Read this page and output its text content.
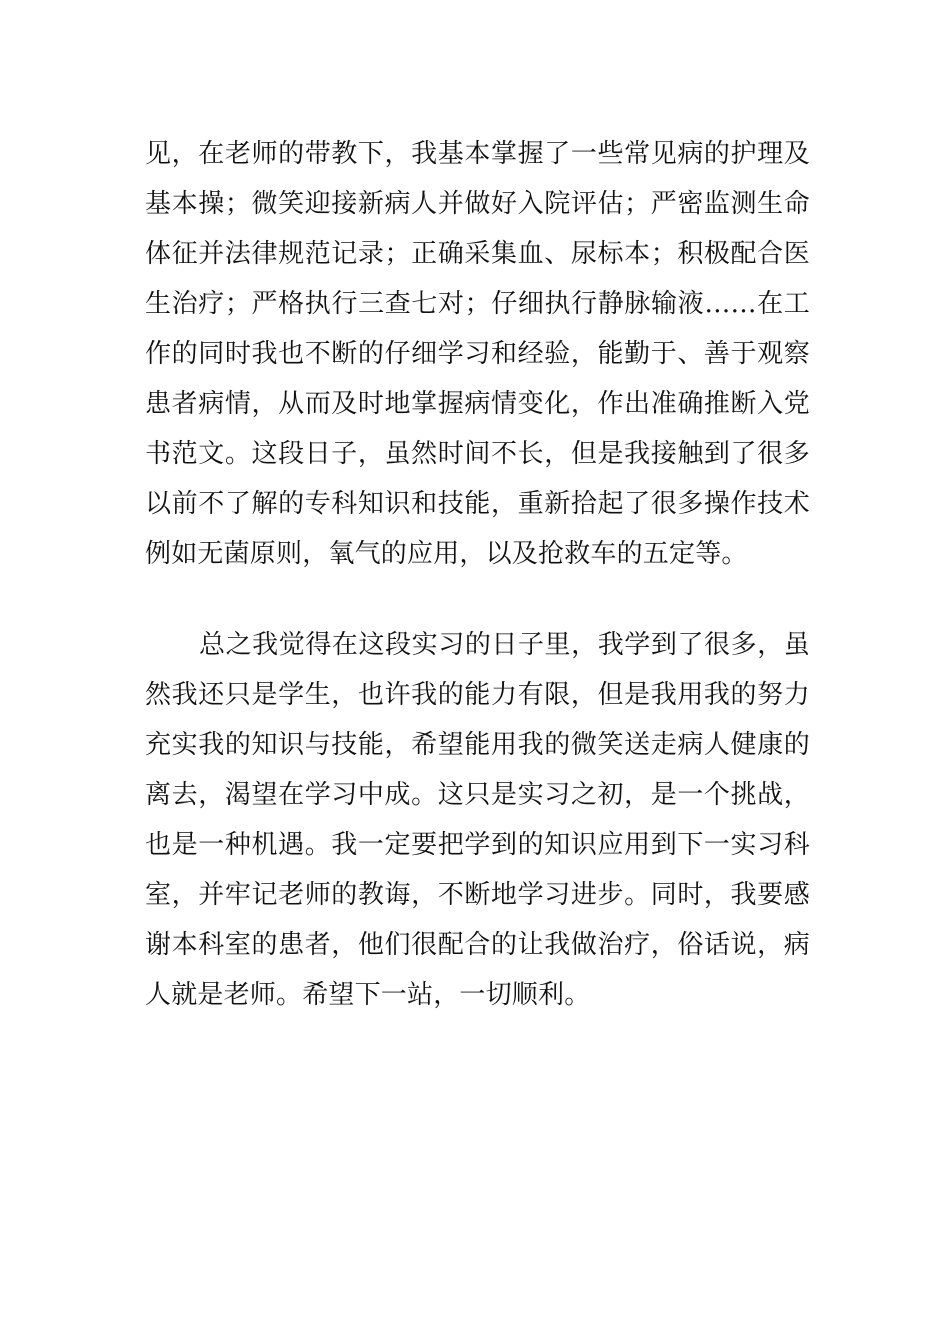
见，在老师的带教下，我基本掌握了一些常见病的护理及
基本操；微笑迎接新病人并做好入院评估；严密监测生命
体征并法律规范记录；正确采集血、尿标本；积极配合医
生治疗；严格执行三查七对；仔细执行静脉输液……在工
作的同时我也不断的仔细学习和经验，能勤于、善于观察
患者病情，从而及时地掌握病情变化，作出准确推断入党
书范文。这段日子，虽然时间不长，但是我接触到了很多
以前不了解的专科知识和技能，重新拾起了很多操作技术
例如无菌原则，氧气的应用，以及抢救车的五定等。
总之我觉得在这段实习的日子里，我学到了很多，虽
然我还只是学生，也许我的能力有限，但是我用我的努力
充实我的知识与技能，希望能用我的微笑送走病人健康的
离去，渴望在学习中成。这只是实习之初，是一个挑战，
也是一种机遇。我一定要把学到的知识应用到下一实习科
室，并牢记老师的教诲，不断地学习进步。同时，我要感
谢本科室的患者，他们很配合的让我做治疗，俗话说，病
人就是老师。希望下一站，一切顺利。
